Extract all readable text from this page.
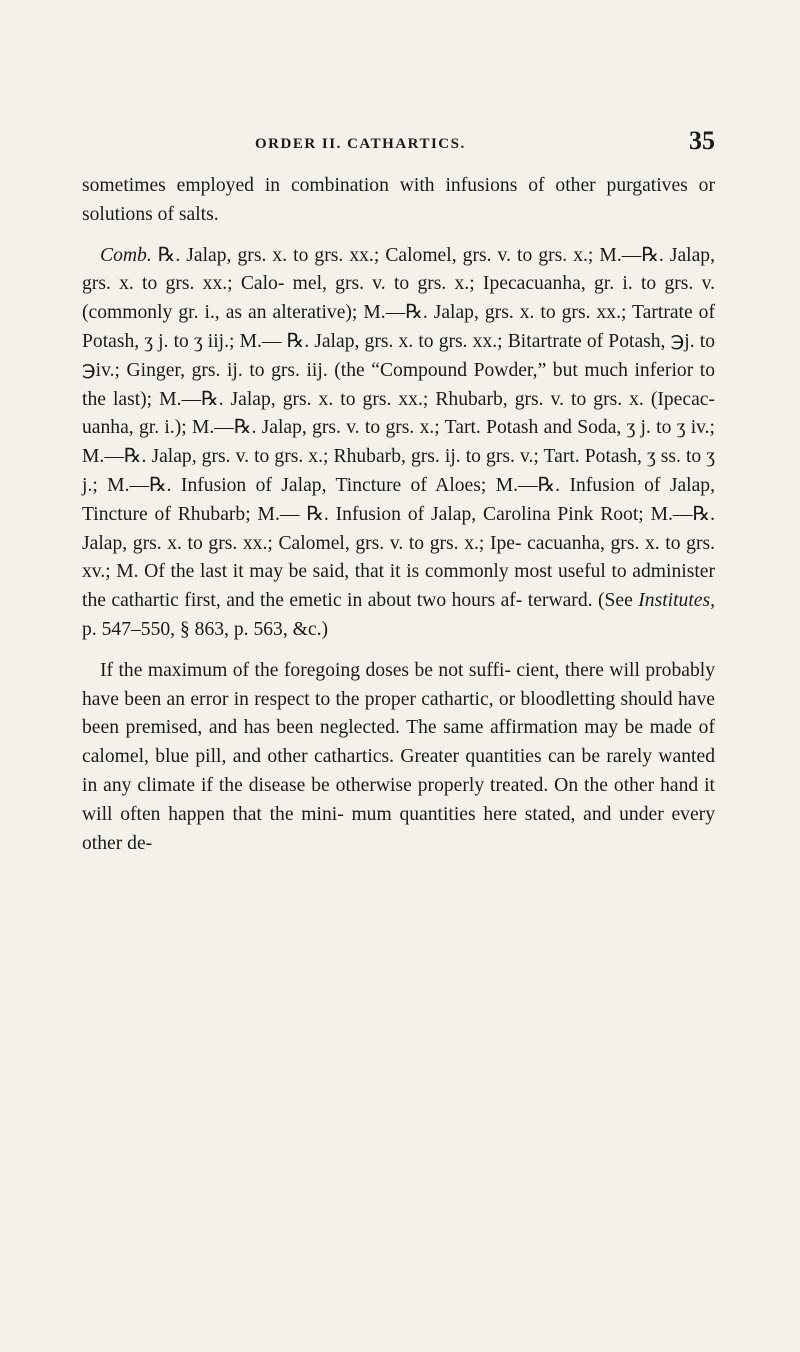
ORDER II. CATHARTICS.	35

sometimes employed in combination with infusions of other purgatives or solutions of salts.

Comb. ℞. Jalap, grs. x. to grs. xx.; Calomel, grs. v. to grs. x.; M.—℞. Jalap, grs. x. to grs. xx.; Calo- mel, grs. v. to grs. x.; Ipecacuanha, gr. i. to grs. v. (commonly gr. i., as an alterative); M.—℞. Jalap, grs. x. to grs. xx.; Tartrate of Potash, ʒ j. to ʒ iij.; M.— ℞. Jalap, grs. x. to grs. xx.; Bitartrate of Potash, ℈j. to ℈iv.; Ginger, grs. ij. to grs. iij. (the “Compound Powder,” but much inferior to the last); M.—℞. Jalap, grs. x. to grs. xx.; Rhubarb, grs. v. to grs. x. (Ipecac- uanha, gr. i.); M.—℞. Jalap, grs. v. to grs. x.; Tart. Potash and Soda, ʒ j. to ʒ iv.; M.—℞. Jalap, grs. v. to grs. x.; Rhubarb, grs. ij. to grs. v.; Tart. Potash, ʒ ss. to ʒ j.; M.—℞. Infusion of Jalap, Tincture of Aloes; M.—℞. Infusion of Jalap, Tincture of Rhubarb; M.— ℞. Infusion of Jalap, Carolina Pink Root; M.—℞. Jalap, grs. x. to grs. xx.; Calomel, grs. v. to grs. x.; Ipe- cacuanha, grs. x. to grs. xv.; M. Of the last it may be said, that it is commonly most useful to administer the cathartic first, and the emetic in about two hours af- terward. (See Institutes, p. 547–550, § 863, p. 563, &c.)

If the maximum of the foregoing doses be not suffi- cient, there will probably have been an error in respect to the proper cathartic, or bloodletting should have been premised, and has been neglected. The same affirmation may be made of calomel, blue pill, and other cathartics. Greater quantities can be rarely wanted in any climate if the disease be otherwise properly treated. On the other hand it will often happen that the mini- mum quantities here stated, and under every other de-
